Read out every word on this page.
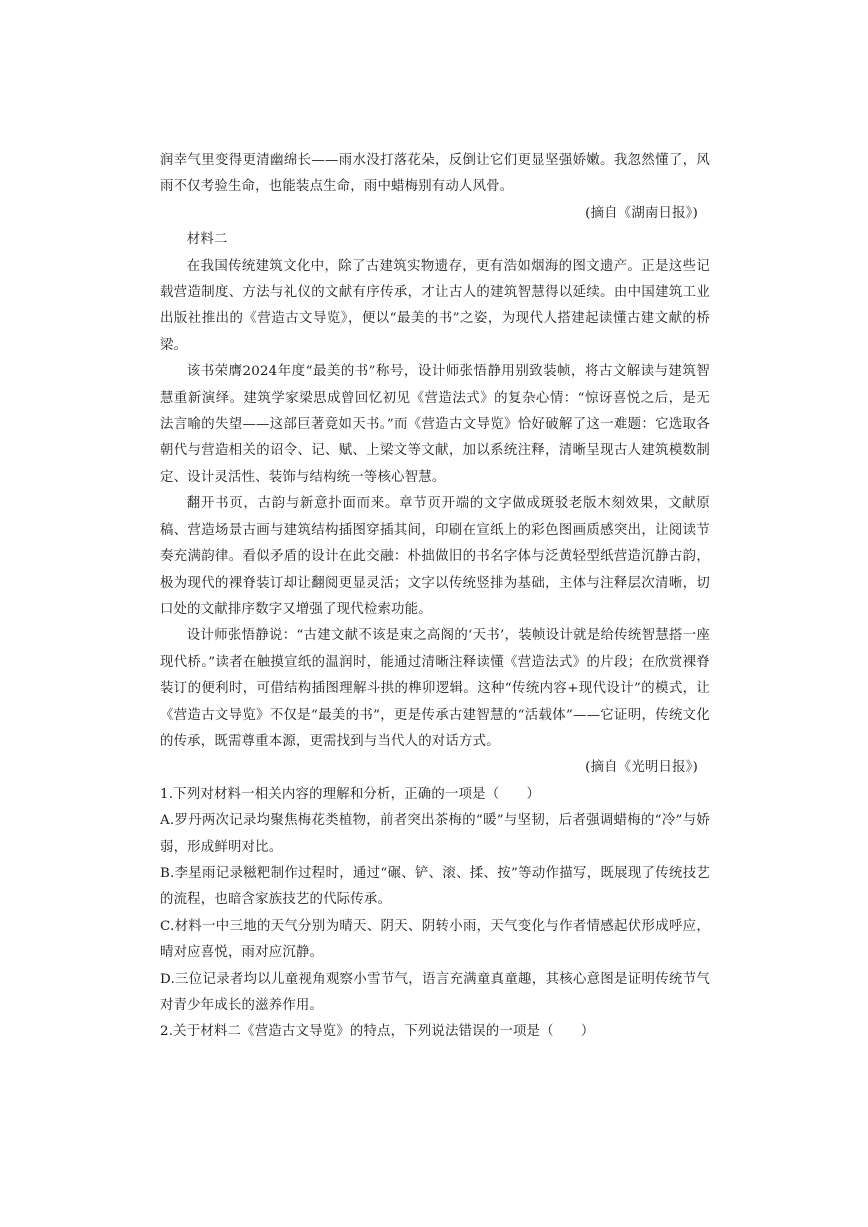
润幸气里变得更清幽绵长——雨水没打落花朵，反倒让它们更显坚强娇嫩。我忽然懂了，风雨不仅考验生命，也能装点生命，雨中蜡梅别有动人风骨。

(摘自《湖南日报》)

材料二

在我国传统建筑文化中，除了古建筑实物遗存，更有浩如烟海的图文遗产。正是这些记载营造制度、方法与礼仪的文献有序传承，才让古人的建筑智慧得以延续。由中国建筑工业出版社推出的《营造古文导览》，便以“最美的书”之姿，为现代人搭建起读懂古建文献的桥梁。

该书荣膺2024年度“最美的书”称号，设计师张悟静用别致装帧，将古文解读与建筑智慧重新演绎。建筑学家梁思成曾回忆初见《营造法式》的复杂心情：“惊讶喜悦之后，是无法言喻的失望——这部巨著竟如天书。”而《营造古文导览》恰好破解了这一难题：它选取各朝代与营造相关的诏令、记、赋、上梁文等文献，加以系统注释，清晰呈现古人建筑模数制定、设计灵活性、装饰与结构统一等核心智慧。

翻开书页，古韵与新意扑面而来。章节页开端的文字做成斑驳老版木刻效果，文献原稿、营造场景古画与建筑结构插图穿插其间，印刷在宣纸上的彩色图画质感突出，让阅读节奏充满韵律。看似矛盾的设计在此交融：朴拙做旧的书名字体与泛黄轻型纸营造沉静古韵，极为现代的裸脊装订却让翻阅更显灵活；文字以传统竖排为基础，主体与注释层次清晰，切口处的文献排序数字又增强了现代检索功能。

设计师张悟静说：“古建文献不该是束之高阁的‘天书’，装帧设计就是给传统智慧搭一座现代桥。”读者在触摸宣纸的温润时，能通过清晰注释读懂《营造法式》的片段；在欣赏裸脊装订的便利时，可借结构插图理解斗拱的榫卯逻辑。这种“传统内容+现代设计”的模式，让《营造古文导览》不仅是“最美的书”，更是传承古建智慧的“活载体”——它证明，传统文化的传承，既需尊重本源，更需找到与当代人的对话方式。

(摘自《光明日报》)

1.下列对材料一相关内容的理解和分析，正确的一项是（　　）

A.罗丹两次记录均聚焦梅花类植物，前者突出茶梅的“暖”与坚韧，后者强调蜡梅的“冷”与娇弱，形成鲜明对比。

B.李星雨记录糍粑制作过程时，通过“碾、铲、滚、揉、按”等动作描写，既展现了传统技艺的流程，也暗含家族技艺的代际传承。

C.材料一中三地的天气分别为晴天、阴天、阴转小雨，天气变化与作者情感起伏形成呼应，晴对应喜悦，雨对应沉静。

D.三位记录者均以儿童视角观察小雪节气，语言充满童真童趣，其核心意图是证明传统节气对青少年成长的滋养作用。

2.关于材料二《营造古文导览》的特点，下列说法错误的一项是（　　）
